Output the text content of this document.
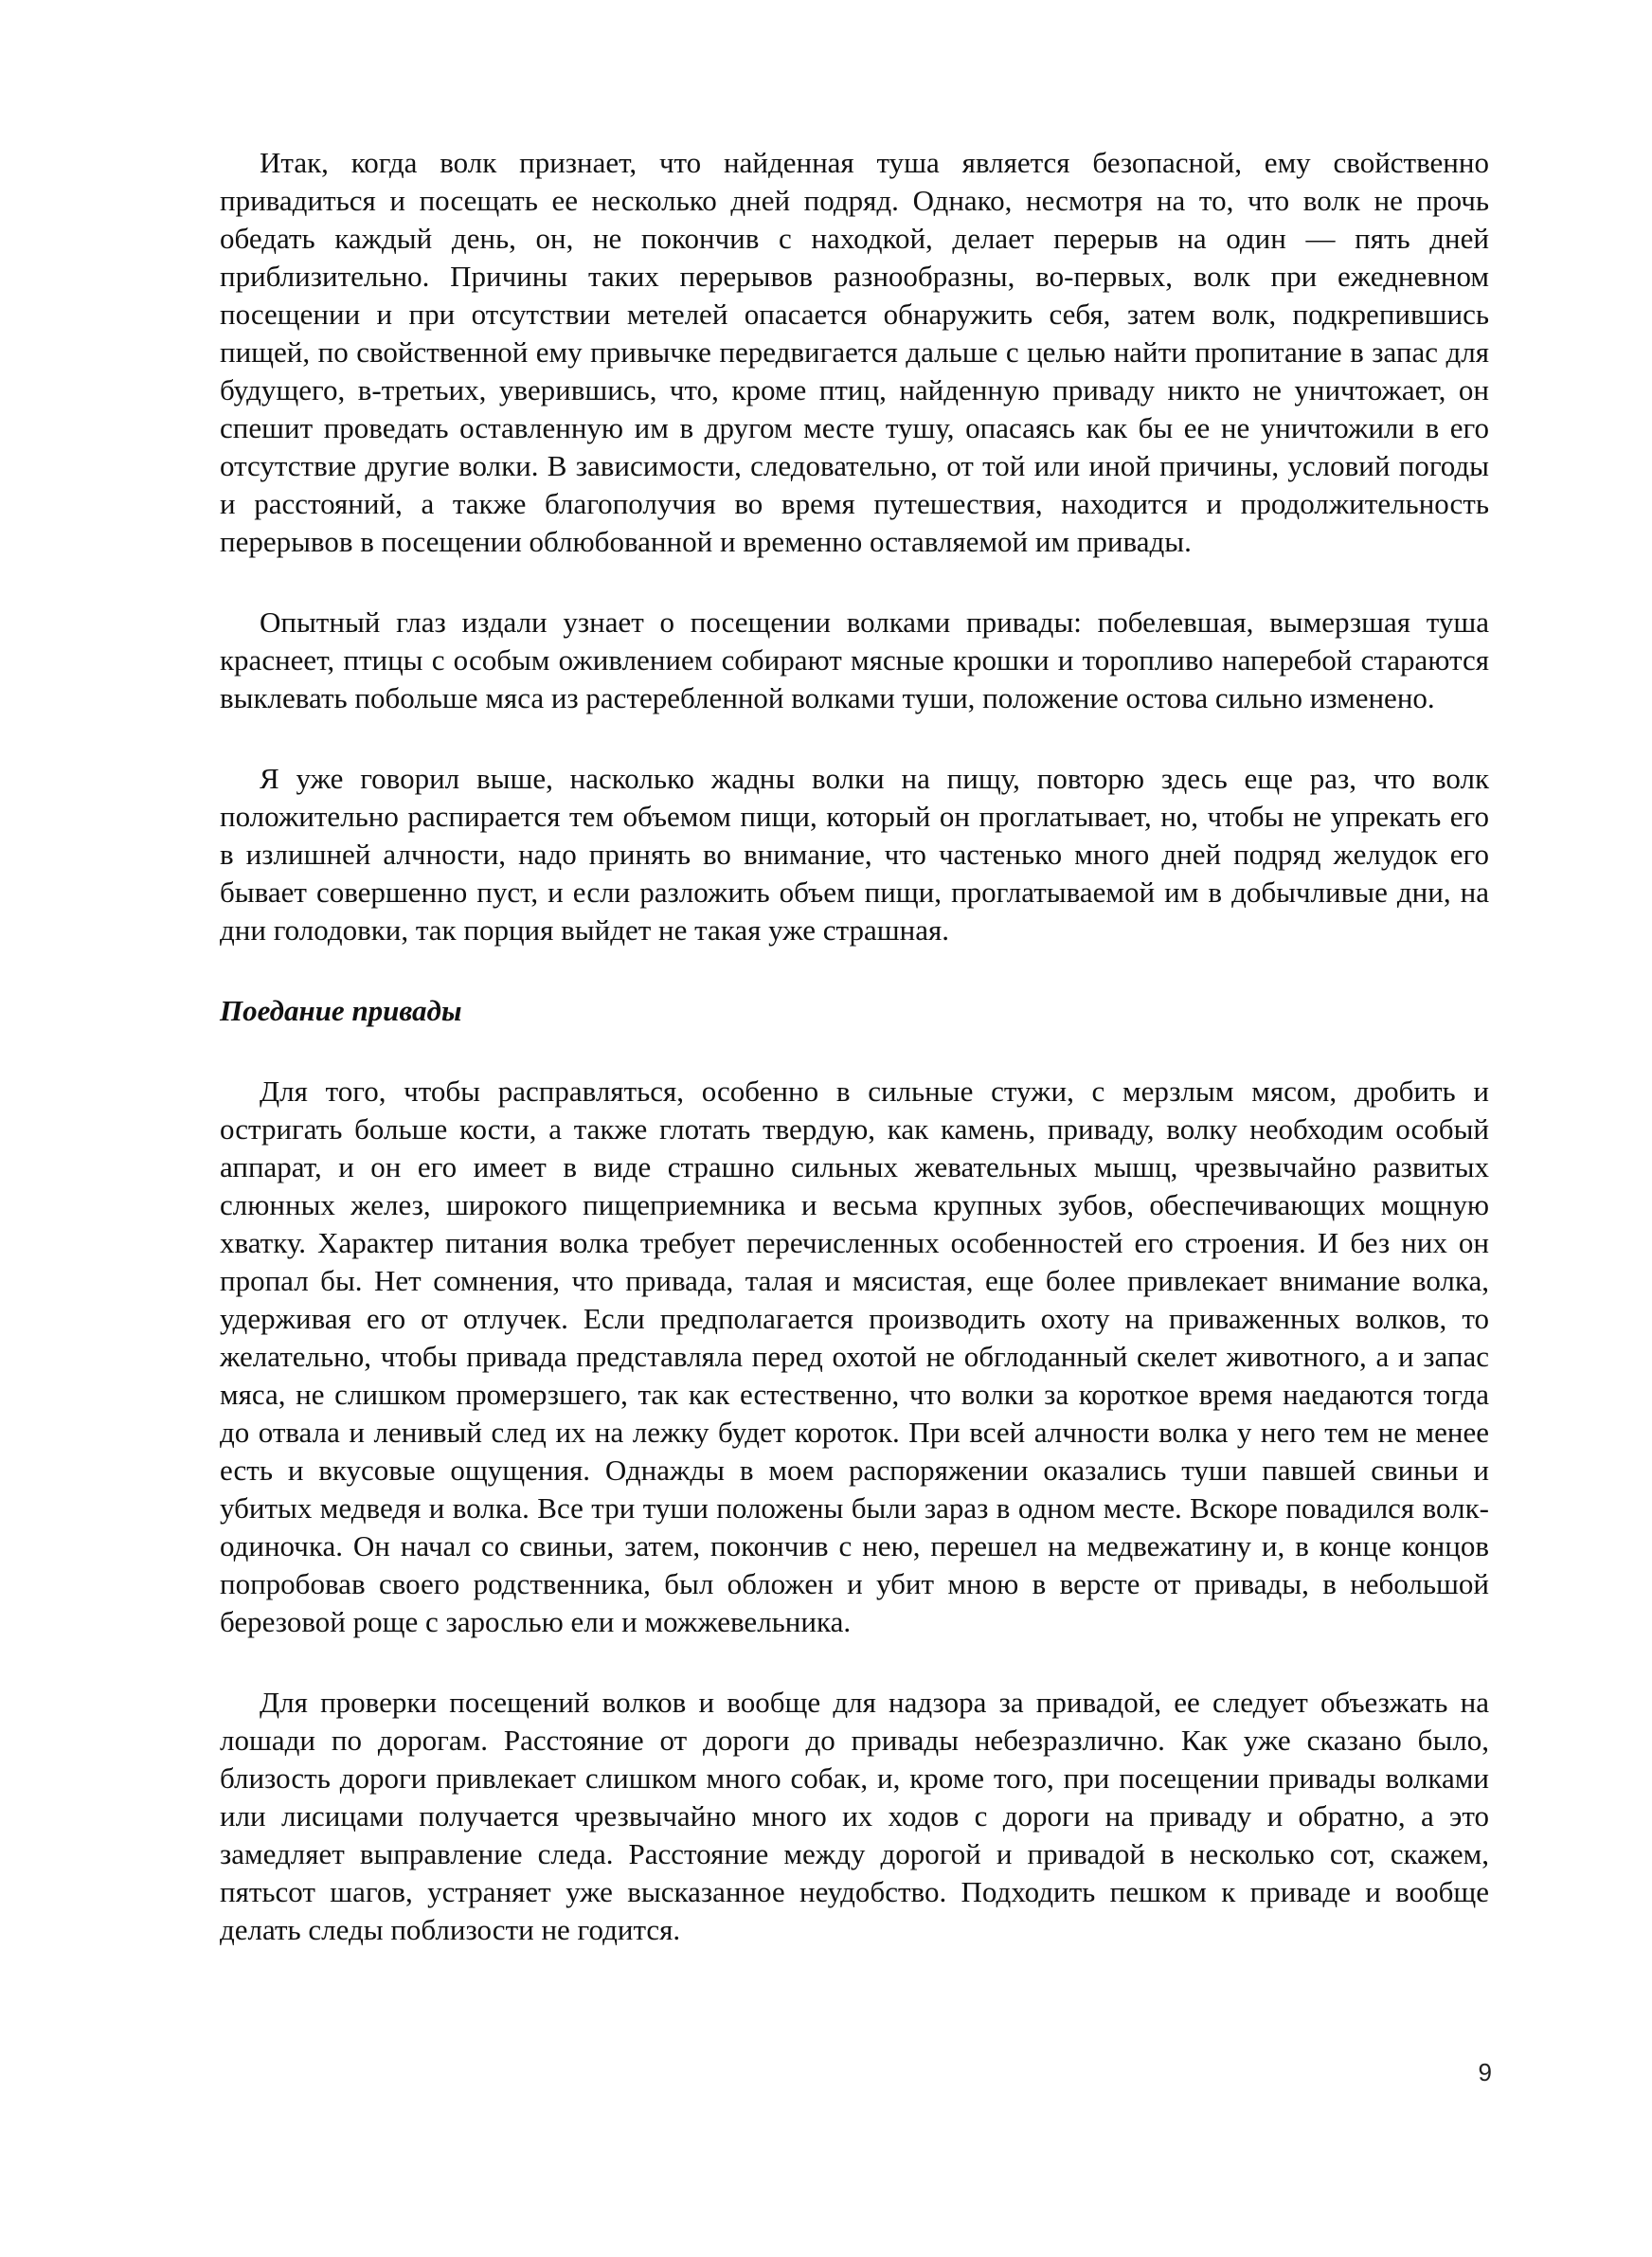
Итак, когда волк признает, что найденная туша является безопасной, ему свойственно привадиться и посещать ее несколько дней подряд. Однако, несмотря на то, что волк не прочь обедать каждый день, он, не покончив с находкой, делает перерыв на один — пять дней приблизительно. Причины таких перерывов разнообразны, во-первых, волк при ежедневном посещении и при отсутствии метелей опасается обнаружить себя, затем волк, подкрепившись пищей, по свойственной ему привычке передвигается дальше с целью найти пропитание в запас для будущего, в-третьих, уверившись, что, кроме птиц, найденную приваду никто не уничтожает, он спешит проведать оставленную им в другом месте тушу, опасаясь как бы ее не уничтожили в его отсутствие другие волки. В зависимости, следовательно, от той или иной причины, условий погоды и расстояний, а также благополучия во время путешествия, находится и продолжительность перерывов в посещении облюбованной и временно оставляемой им привады.

Опытный глаз издали узнает о посещении волками привады: побелевшая, вымерзшая туша краснеет, птицы с особым оживлением собирают мясные крошки и торопливо наперебой стараются выклевать побольше мяса из растеребленной волками туши, положение остова сильно изменено.

Я уже говорил выше, насколько жадны волки на пищу, повторю здесь еще раз, что волк положительно распирается тем объемом пищи, который он проглатывает, но, чтобы не упрекать его в излишней алчности, надо принять во внимание, что частенько много дней подряд желудок его бывает совершенно пуст, и если разложить объем пищи, проглатываемой им в добычливые дни, на дни голодовки, так порция выйдет не такая уже страшная.

Поедание привады

Для того, чтобы расправляться, особенно в сильные стужи, с мерзлым мясом, дробить и остригать больше кости, а также глотать твердую, как камень, приваду, волку необходим особый аппарат, и он его имеет в виде страшно сильных жевательных мышц, чрезвычайно развитых слюнных желез, широкого пищеприемника и весьма крупных зубов, обеспечивающих мощную хватку. Характер питания волка требует перечисленных особенностей его строения. И без них он пропал бы. Нет сомнения, что привада, талая и мясистая, еще более привлекает внимание волка, удерживая его от отлучек. Если предполагается производить охоту на приваженных волков, то желательно, чтобы привада представляла перед охотой не обглоданный скелет животного, а и запас мяса, не слишком промерзшего, так как естественно, что волки за короткое время наедаются тогда до отвала и ленивый след их на лежку будет короток. При всей алчности волка у него тем не менее есть и вкусовые ощущения. Однажды в моем распоряжении оказались туши павшей свиньи и убитых медведя и волка. Все три туши положены были зараз в одном месте. Вскоре повадился волк-одиночка. Он начал со свиньи, затем, покончив с нею, перешел на медвежатину и, в конце концов попробовав своего родственника, был обложен и убит мною в версте от привады, в небольшой березовой роще с зарослью ели и можжевельника.

Для проверки посещений волков и вообще для надзора за привадой, ее следует объезжать на лошади по дорогам. Расстояние от дороги до привады небезразлично. Как уже сказано было, близость дороги привлекает слишком много собак, и, кроме того, при посещении привады волками или лисицами получается чрезвычайно много их ходов с дороги на приваду и обратно, а это замедляет выправление следа. Расстояние между дорогой и привадой в несколько сот, скажем, пятьсот шагов, устраняет уже высказанное неудобство. Подходить пешком к приваде и вообще делать следы поблизости не годится.

9
